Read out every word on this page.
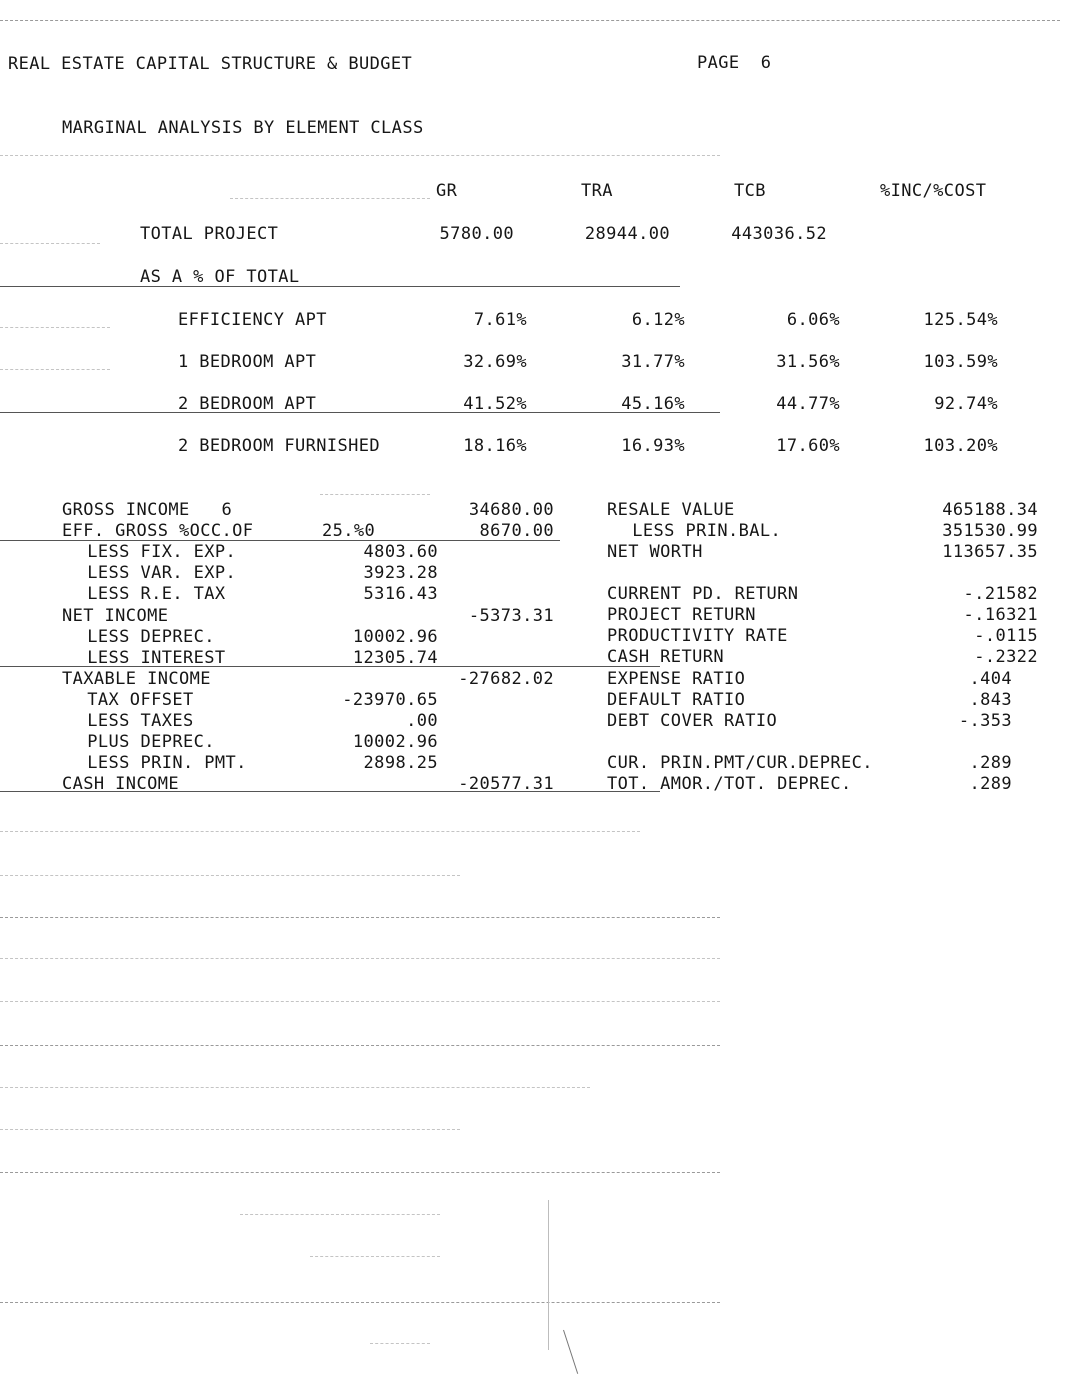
REAL ESTATE CAPITAL STRUCTURE & BUDGET	PAGE  6
MARGINAL ANALYSIS BY ELEMENT CLASS
GR	TRA	TCB	%INC/%COST
TOTAL PROJECT	5780.00	28944.00	443036.52
AS A % OF TOTAL
EFFICIENCY APT	7.61%	6.12%	6.06%	125.54%
1 BEDROOM APT	32.69%	31.77%	31.56%	103.59%
2 BEDROOM APT	41.52%	45.16%	44.77%	92.74%
2 BEDROOM FURNISHED	18.16%	16.93%	17.60%	103.20%
GROSS INCOME   6	34680.00
EFF. GROSS %OCC.OF	25.%0	8670.00
LESS FIX. EXP.	4803.60
LESS VAR. EXP.	3923.28
LESS R.E. TAX	5316.43
NET INCOME	-5373.31
LESS DEPREC.	10002.96
LESS INTEREST	12305.74
TAXABLE INCOME	-27682.02
TAX OFFSET	-23970.65
LESS TAXES	.00
PLUS DEPREC.	10002.96
LESS PRIN. PMT.	2898.25
CASH INCOME	-20577.31
RESALE VALUE	465188.34
LESS PRIN.BAL.	351530.99
NET WORTH	113657.35
CURRENT PD. RETURN	-.21582
PROJECT RETURN	-.16321
PRODUCTIVITY RATE	-.0115
CASH RETURN	-.2322
EXPENSE RATIO	.404
DEFAULT RATIO	.843
DEBT COVER RATIO	-.353
CUR. PRIN.PMT/CUR.DEPREC.	.289
TOT. AMOR./TOT. DEPREC.	.289
